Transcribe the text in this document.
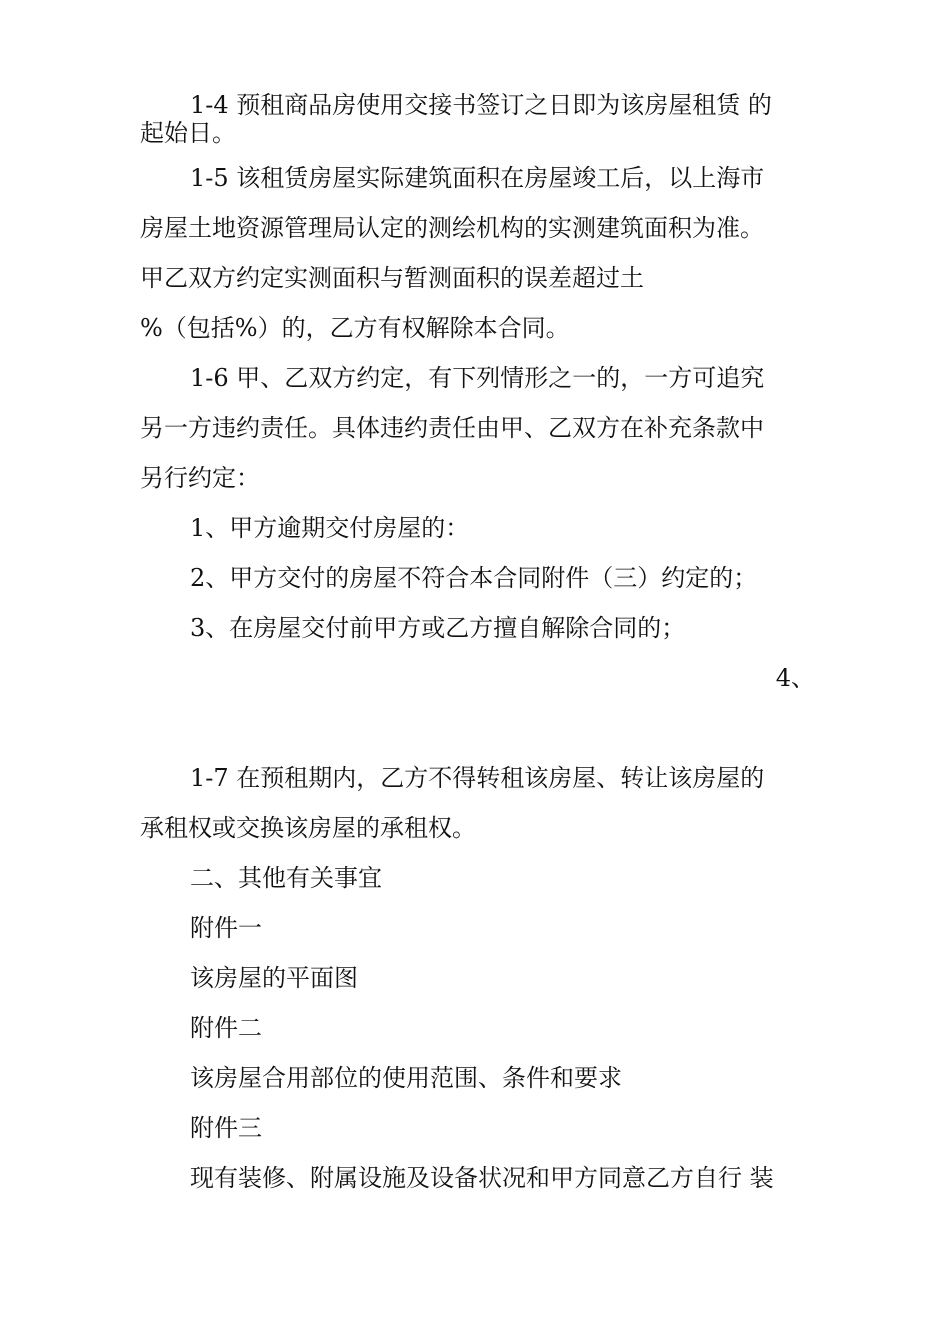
1-4 预租商品房使用交接书签订之日即为该房屋租赁 的
起始日。
1-5 该租赁房屋实际建筑面积在房屋竣工后，以上海市
房屋土地资源管理局认定的测绘机构的实测建筑面积为准。
甲乙双方约定实测面积与暂测面积的误差超过土
%（包括%）的，乙方有权解除本合同。
1-6 甲、乙双方约定，有下列情形之一的，一方可追究
另一方违约责任。具体违约责任由甲、乙双方在补充条款中
另行约定：
1、甲方逾期交付房屋的：
2、甲方交付的房屋不符合本合同附件（三）约定的；
3、在房屋交付前甲方或乙方擅自解除合同的；
4、
1-7 在预租期内，乙方不得转租该房屋、转让该房屋的
承租权或交换该房屋的承租权。
二、其他有关事宜
附件一
该房屋的平面图
附件二
该房屋合用部位的使用范围、条件和要求
附件三
现有装修、附属设施及设备状况和甲方同意乙方自行 装
